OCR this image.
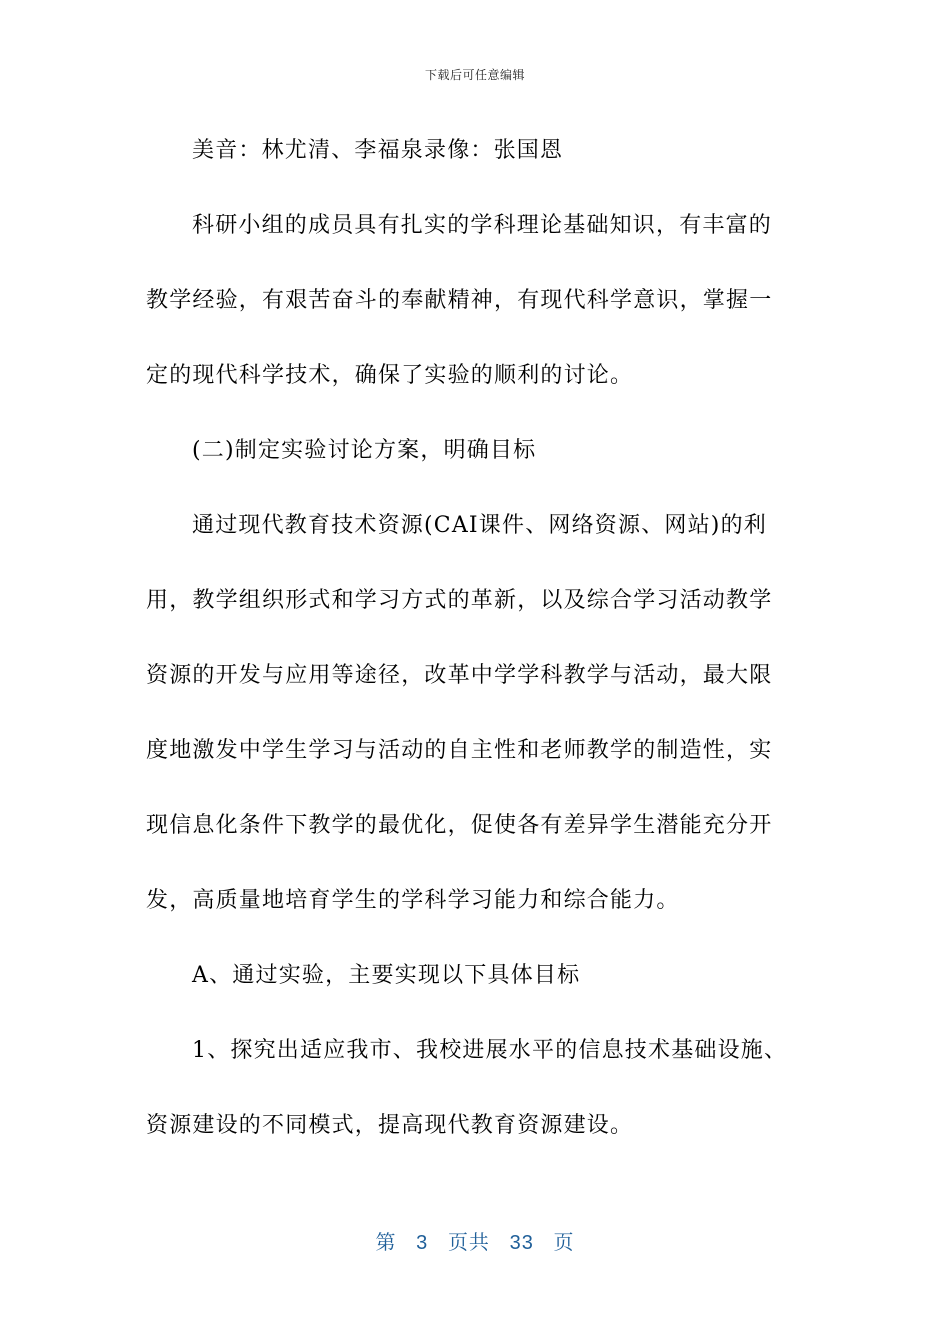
下载后可任意编辑
美音：林尤清、李福泉录像：张国恩
科研小组的成员具有扎实的学科理论基础知识，有丰富的
教学经验，有艰苦奋斗的奉献精神，有现代科学意识，掌握一
定的现代科学技术，确保了实验的顺利的讨论。
(二)制定实验讨论方案，明确目标
通过现代教育技术资源(CAI课件、网络资源、网站)的利
用，教学组织形式和学习方式的革新，以及综合学习活动教学
资源的开发与应用等途径，改革中学学科教学与活动，最大限
度地激发中学生学习与活动的自主性和老师教学的制造性，实
现信息化条件下教学的最优化，促使各有差异学生潜能充分开
发，高质量地培育学生的学科学习能力和综合能力。
A、通过实验，主要实现以下具体目标
1、探究出适应我市、我校进展水平的信息技术基础设施、
资源建设的不同模式，提高现代教育资源建设。
第 3 页共 33 页
